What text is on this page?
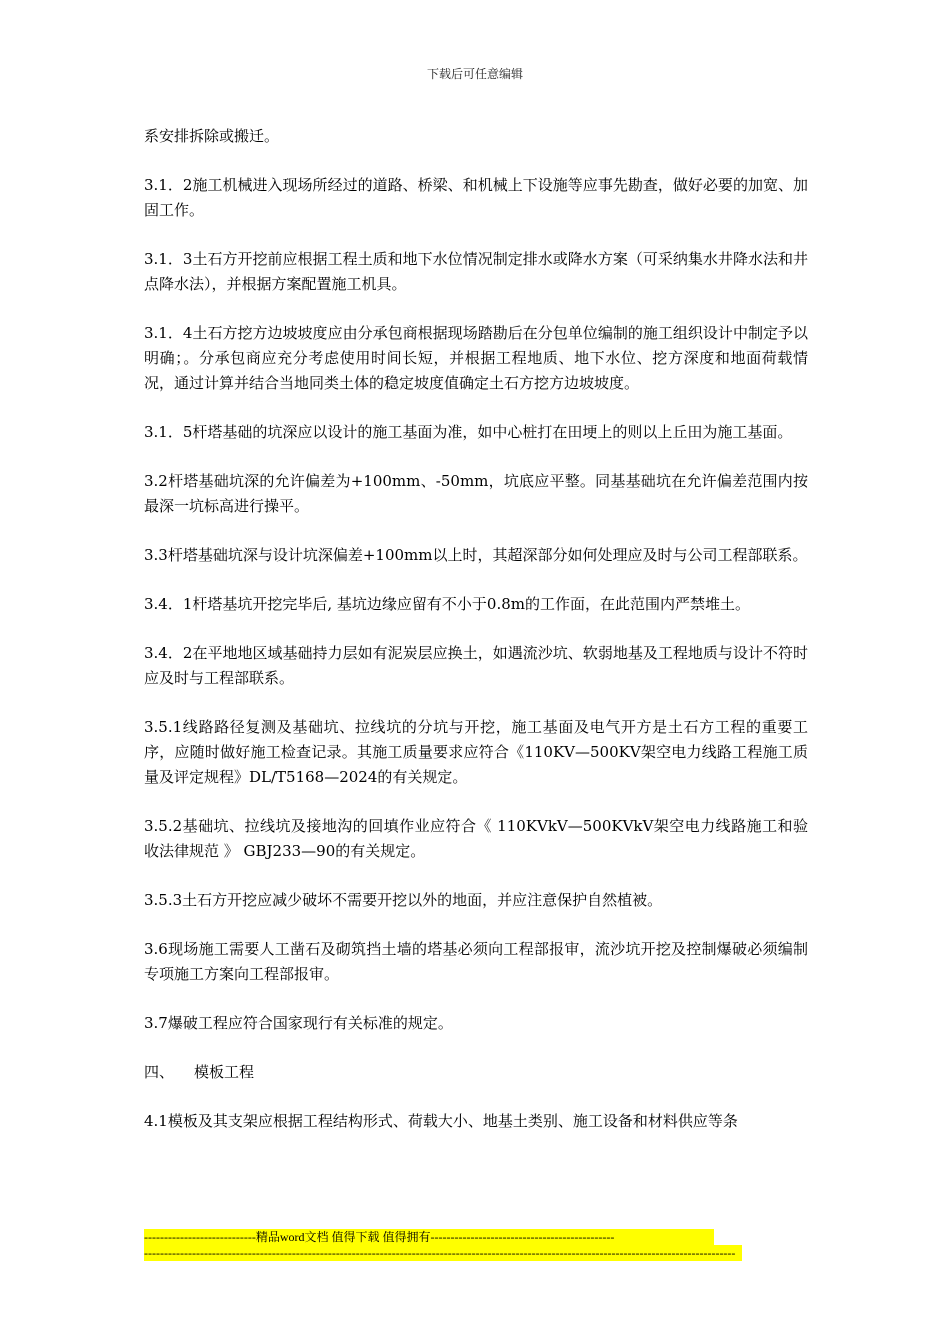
下载后可任意编辑

系安排拆除或搬迁。

3.1．2施工机械进入现场所经过的道路、桥梁、和机械上下设施等应事先勘查，做好必要的加宽、加固工作。

3.1．3土石方开挖前应根据工程土质和地下水位情况制定排水或降水方案（可采纳集水井降水法和井点降水法），并根据方案配置施工机具。

3.1．4土石方挖方边坡坡度应由分承包商根据现场踏勘后在分包单位编制的施工组织设计中制定予以明确；。分承包商应充分考虑使用时间长短，并根据工程地质、地下水位、挖方深度和地面荷载情况，通过计算并结合当地同类土体的稳定坡度值确定土石方挖方边坡坡度。

3.1．5杆塔基础的坑深应以设计的施工基面为准，如中心桩打在田埂上的则以上丘田为施工基面。

3.2杆塔基础坑深的允许偏差为+100mm、-50mm，坑底应平整。同基基础坑在允许偏差范围内按最深一坑标高进行操平。

3.3杆塔基础坑深与设计坑深偏差+100mm以上时，其超深部分如何处理应及时与公司工程部联系。

3.4．1杆塔基坑开挖完毕后, 基坑边缘应留有不小于0.8m的工作面，在此范围内严禁堆土。

3.4．2在平地地区域基础持力层如有泥炭层应换土，如遇流沙坑、软弱地基及工程地质与设计不符时应及时与工程部联系。

3.5.1线路路径复测及基础坑、拉线坑的分坑与开挖，施工基面及电气开方是土石方工程的重要工序，应随时做好施工检查记录。其施工质量要求应符合《110KV—500KV架空电力线路工程施工质量及评定规程》DL/T5168—2024的有关规定。

3.5.2基础坑、拉线坑及接地沟的回填作业应符合《 110KVkV—500KVkV架空电力线路施工和验收法律规范 》 GBJ233—90的有关规定。

3.5.3土石方开挖应减少破坏不需要开挖以外的地面，并应注意保护自然植被。

3.6现场施工需要人工凿石及砌筑挡土墙的塔基必须向工程部报审，流沙坑开挖及控制爆破必须编制专项施工方案向工程部报审。

3.7爆破工程应符合国家现行有关标准的规定。

四、 模板工程

4.1模板及其支架应根据工程结构形式、荷载大小、地基土类别、施工设备和材料供应等条

----------------------------精品word文档 值得下载 值得拥有----------------------------------------------
----------------------------------------------------------------------------------------------------------------------------------------------------
